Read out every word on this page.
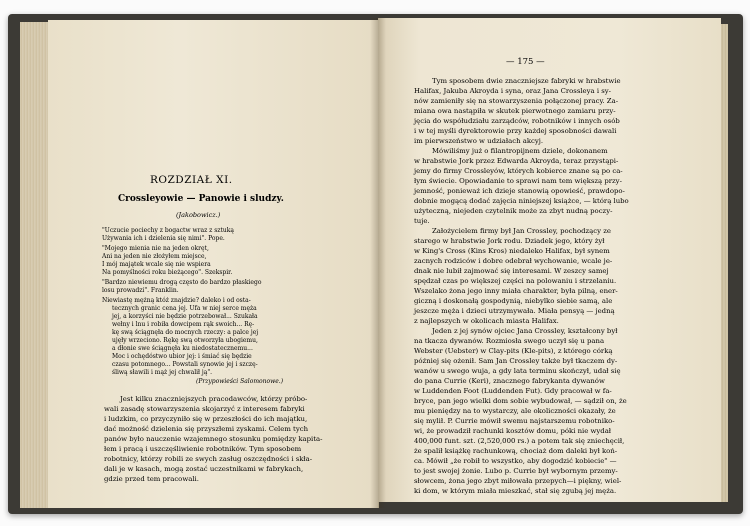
ROZDZIAŁ XI.
Crossleyowie — Panowie i sludzy.
(Jakobowicz.)
"Uczucie pociechy z bogactw wraz z sztuką
Używania ich i dzielenia się nimi". Pope.
"Mojego mienia nie na jeden okręt,
Ani na jeden nie złożyłem miejsce,
I mój majątek wcale się nie wspiera
Na pomyślności roku bieżącego". Szekspir.
"Bardzo niewiemu drogą często do bardzo płaskiego
losu prowadzi". Franklin.
Niewiastę mężną któż znajdzie? daleko i od osta-
tecznych granic cena jej. Ufa w niej serce męża
jej, a korzyści nie będzie potrzebował... Szukała
wełny i lnu i robiła dowcipem rąk swoich... Rę-
kę swą ściągnęła do mocnych rzeczy: a palce jej
ujęły wrzeciono. Rękę swą otworzyła ubogiemu,
a dłonie swe ściągnęła ku niedostatecznemu...
Moc i ochędóstwo ubior jej: i śmiać się będzie
czasu potomnego... Powstali synowie jej i szczę-
śliwą sławili i mąż jej chwalił ją".
(Przypowieści Salomonowe.)
Jest kilku znaczniejszych pracodawców, którzy próbo-
wali zasadę stowarzyszenia skojarzyć z interesem fabryki
i ludzkim, co przyczyniło się w przeszłości do ich majątku,
dać możność dzielenia się przyszłemi zyskami. Celem tych
panów było nauczenie wzajemnego stosunku pomiędzy kapita-
łem i pracą i uszczęśliwienie robotników. Tym sposobem
robotnicy, którzy robili ze swych zasług oszczędności i skła-
dali je w kasach, mogą zostać uczestnikami w fabrykach,
gdzie przed tem pracowali.
— 175 —
Tym sposobem dwie znaczniejsze fabryki w hrabstwie
Halifax, Jakuba Akroyda i syna, oraz Jana Crossleya i sy-
nów zamieniły się na stowarzyszenia połączonej pracy. Za-
miana owa nastąpiła w skutek pierwotnego zamiaru przy-
jęcia do współudziału zarządców, robotników i innych osób
i w tej myśli dyrektorowie przy każdej sposobności dawali
im pierwszeństwo w udziałach akcyj.
Mówiliśmy już o filantropijnem dziele, dokonanem
w hrabstwie Jork przez Edwarda Akroyda, teraz przystąpi-
jemy do firmy Crossleyów, których kobierce znane są po ca-
łym świecie. Opowiadanie to sprawi nam tem większą przy-
jemność, ponieważ ich dzieje stanowią opowieść, prawdopo-
dobnie mogącą dodać zajęcia niniejszej książce, — którą lubo
użyteczną, niejeden czytelnik może za zbyt nudną poczy-
tuje.
Założycielem firmy był Jan Crossley, pochodzący ze
starego w hrabstwie Jork rodu. Dziadek jego, który żył
w King's Cross (Kins Kros) niedaleko Halifax, był synem
zacnych rodziców i dobre odebrał wychowanie, wcale je-
dnak nie lubił zajmować się interesami. W zeszcy samej
spędzał czas po większej części na polowaniu i strzelaniu.
Wszelako żona jego inny miała charakter, była pilną, ener-
giczną i doskonałą gospodynią, niebylko siebie samą, ale
jeszcze męża i dzieci utrzymywała. Miała pensyą — jedną
z najlepszych w okolicach miasta Halifax.
Jeden z jej synów ojciec Jana Crossley, kształcony był
na tkacza dywanów. Rozmiosła swego uczył się u pana
Webster (Uebster) w Clay-pits (Kle-pits), z którego córką
później się ożenił. Sam Jan Crossley także był tkaczem dy-
wanów u swego wuja, a gdy lata terminu skończył, udał się
do pana Currie (Keri), znacznego fabrykanta dywanów
w Luddenden Foot (Luddenden Fut). Gdy pracował w fa-
bryce, pan jego wielki dom sobie wybudował, — sądził on, że
mu pieniędzy na to wystarczy, ale okoliczności okazały, że
się mylił. P. Currie mówił swemu najstarszemu robotniko-
wi, że prowadził rachunki kosztów domu, póki nie wydał
400,000 funt. szt. (2,520,000 rs.) a potem tak się zniechęcił,
że spalił książkę rachunkową, chociaż dom daleki był koń-
ca. Mówił „że robił to wszystko, aby dogodzić kobiecie" —
to jest swojej żonie. Lubo p. Currie był wybornym przemy-
słowcem, żona jego zbyt miłowała przepych—i piękny, wiel-
ki dom, w którym miała mieszkać, stał się zgubą jej męża.
